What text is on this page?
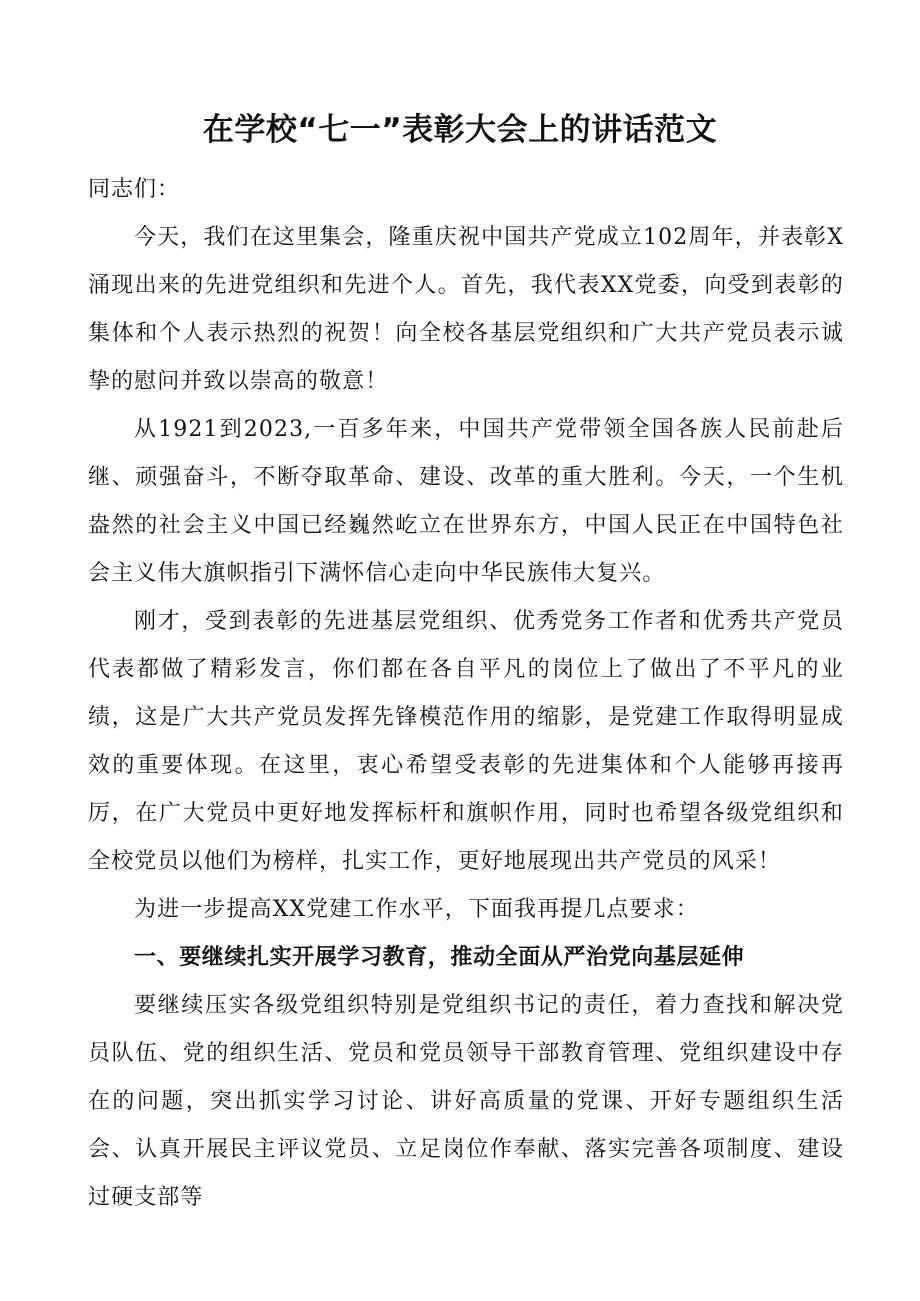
在学校“七一”表彰大会上的讲话范文

同志们：

今天，我们在这里集会，隆重庆祝中国共产党成立102周年，并表彰X涌现出来的先进党组织和先进个人。首先，我代表XX党委，向受到表彰的集体和个人表示热烈的祝贺！向全校各基层党组织和广大共产党员表示诚挚的慰问并致以崇高的敬意！

从1921到2023,一百多年来，中国共产党带领全国各族人民前赴后继、顽强奋斗，不断夺取革命、建设、改革的重大胜利。今天，一个生机盎然的社会主义中国已经巍然屹立在世界东方，中国人民正在中国特色社会主义伟大旗帜指引下满怀信心走向中华民族伟大复兴。

刚才，受到表彰的先进基层党组织、优秀党务工作者和优秀共产党员代表都做了精彩发言，你们都在各自平凡的岗位上了做出了不平凡的业绩，这是广大共产党员发挥先锋模范作用的缩影，是党建工作取得明显成效的重要体现。在这里，衷心希望受表彰的先进集体和个人能够再接再厉，在广大党员中更好地发挥标杆和旗帜作用，同时也希望各级党组织和全校党员以他们为榜样，扎实工作，更好地展现出共产党员的风采！

为进一步提高XX党建工作水平，下面我再提几点要求：

一、要继续扎实开展学习教育，推动全面从严治党向基层延伸

要继续压实各级党组织特别是党组织书记的责任，着力查找和解决党员队伍、党的组织生活、党员和党员领导干部教育管理、党组织建设中存在的问题，突出抓实学习讨论、讲好高质量的党课、开好专题组织生活会、认真开展民主评议党员、立足岗位作奉献、落实完善各项制度、建设过硬支部等
